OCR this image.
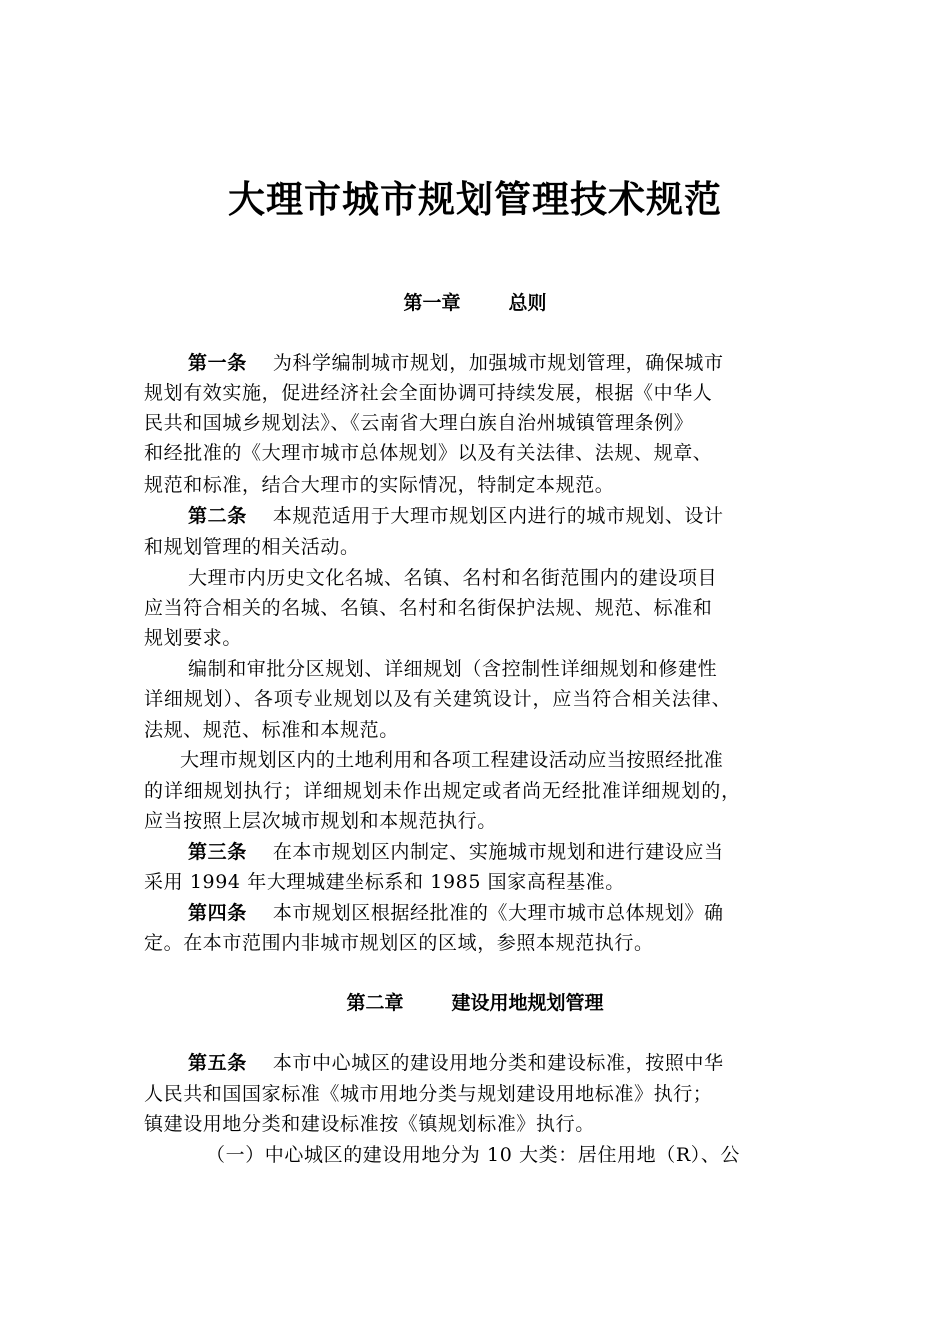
大理市城市规划管理技术规范
第一章	总则
第一条 为科学编制城市规划，加强城市规划管理，确保城市
规划有效实施，促进经济社会全面协调可持续发展，根据《中华人
民共和国城乡规划法》、《云南省大理白族自治州城镇管理条例》
和经批准的《大理市城市总体规划》以及有关法律、法规、规章、
规范和标准，结合大理市的实际情况，特制定本规范。
第二条 本规范适用于大理市规划区内进行的城市规划、设计
和规划管理的相关活动。
大理市内历史文化名城、名镇、名村和名街范围内的建设项目
应当符合相关的名城、名镇、名村和名街保护法规、规范、标准和
规划要求。
编制和审批分区规划、详细规划（含控制性详细规划和修建性
详细规划）、各项专业规划以及有关建筑设计，应当符合相关法律、
法规、规范、标准和本规范。
大理市规划区内的土地利用和各项工程建设活动应当按照经批准
的详细规划执行；详细规划未作出规定或者尚无经批准详细规划的，
应当按照上层次城市规划和本规范执行。
第三条 在本市规划区内制定、实施城市规划和进行建设应当
采用 1994 年大理城建坐标系和 1985 国家高程基准。
第四条 本市规划区根据经批准的《大理市城市总体规划》确
定。在本市范围内非城市规划区的区域，参照本规范执行。
第二章	建设用地规划管理
第五条 本市中心城区的建设用地分类和建设标准，按照中华
人民共和国国家标准《城市用地分类与规划建设用地标准》执行；
镇建设用地分类和建设标准按《镇规划标准》执行。
（一）中心城区的建设用地分为 10 大类：居住用地（R）、公
